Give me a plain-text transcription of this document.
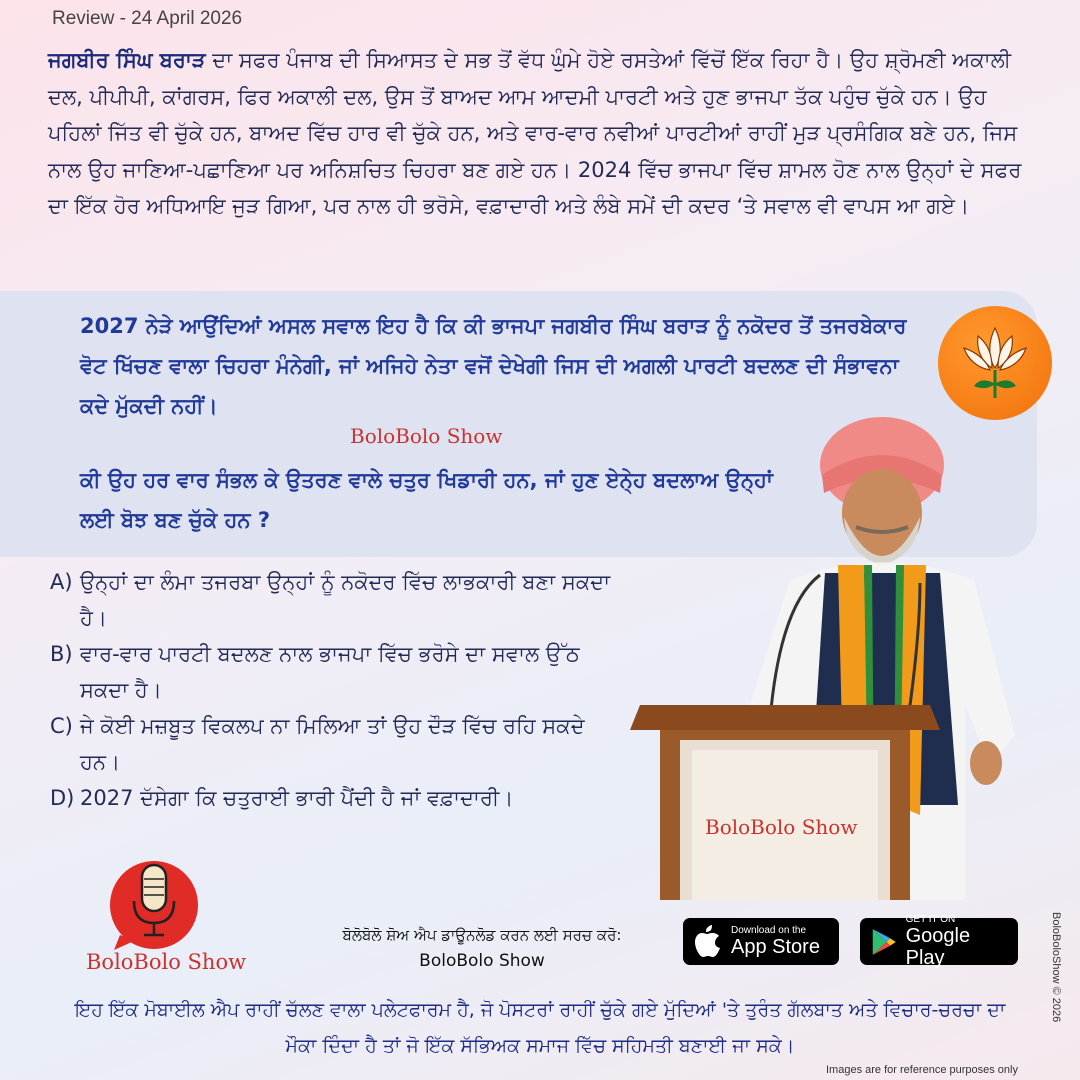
Review - 24 April 2026
ਜਗਬੀਰ ਸਿੰਘ ਬਰਾੜ ਦਾ ਸਫਰ ਪੰਜਾਬ ਦੀ ਸਿਆਸਤ ਦੇ ਸਭ ਤੋਂ ਵੱਧ ਘੁੰਮੇ ਹੋਏ ਰਸਤੇਆਂ ਵਿੱਚੋਂ ਇੱਕ ਰਿਹਾ ਹੈ। ਉਹ ਸ਼੍ਰੋਮਣੀ ਅਕਾਲੀ ਦਲ, ਪੀਪੀਪੀ, ਕਾਂਗਰਸ, ਫਿਰ ਅਕਾਲੀ ਦਲ, ਉਸ ਤੋਂ ਬਾਅਦ ਆਮ ਆਦਮੀ ਪਾਰਟੀ ਅਤੇ ਹੁਣ ਭਾਜਪਾ ਤੱਕ ਪਹੁੰਚ ਚੁੱਕੇ ਹਨ। ਉਹ ਪਹਿਲਾਂ ਜਿੱਤ ਵੀ ਚੁੱਕੇ ਹਨ, ਬਾਅਦ ਵਿੱਚ ਹਾਰ ਵੀ ਚੁੱਕੇ ਹਨ, ਅਤੇ ਵਾਰ-ਵਾਰ ਨਵੀਆਂ ਪਾਰਟੀਆਂ ਰਾਹੀਂ ਮੁੜ ਪ੍ਰਸੰਗਿਕ ਬਣੇ ਹਨ, ਜਿਸ ਨਾਲ ਉਹ ਜਾਣਿਆ-ਪਛਾਣਿਆ ਪਰ ਅਨਿਸ਼ਚਿਤ ਚਿਹਰਾ ਬਣ ਗਏ ਹਨ। 2024 ਵਿੱਚ ਭਾਜਪਾ ਵਿੱਚ ਸ਼ਾਮਲ ਹੋਣ ਨਾਲ ਉਨ੍ਹਾਂ ਦੇ ਸਫਰ ਦਾ ਇੱਕ ਹੋਰ ਅਧਿਆਇ ਜੁੜ ਗਿਆ, ਪਰ ਨਾਲ ਹੀ ਭਰੋਸੇ, ਵਫ਼ਾਦਾਰੀ ਅਤੇ ਲੰਬੇ ਸਮੇਂ ਦੀ ਕਦਰ ‘ਤੇ ਸਵਾਲ ਵੀ ਵਾਪਸ ਆ ਗਏ।
2027 ਨੇੜੇ ਆਉਂਦਿਆਂ ਅਸਲ ਸਵਾਲ ਇਹ ਹੈ ਕਿ ਕੀ ਭਾਜਪਾ ਜਗਬੀਰ ਸਿੰਘ ਬਰਾੜ ਨੂੰ ਨਕੋਦਰ ਤੋਂ ਤਜਰਬੇਕਾਰ ਵੋਟ ਖਿੱਚਣ ਵਾਲਾ ਚਿਹਰਾ ਮੰਨੇਗੀ, ਜਾਂ ਅਜਿਹੇ ਨੇਤਾ ਵਜੋਂ ਦੇਖੇਗੀ ਜਿਸ ਦੀ ਅਗਲੀ ਪਾਰਟੀ ਬਦਲਣ ਦੀ ਸੰਭਾਵਨਾ ਕਦੇ ਮੁੱਕਦੀ ਨਹੀਂ।
BoloBolo Show
ਕੀ ਉਹ ਹਰ ਵਾਰ ਸੰਭਲ ਕੇ ਉਤਰਣ ਵਾਲੇ ਚਤੁਰ ਖਿਡਾਰੀ ਹਨ, ਜਾਂ ਹੁਣ ਏਨੇ੍ਹ ਬਦਲਾਅ ਉਨ੍ਹਾਂ ਲਈ ਬੋਝ ਬਣ ਚੁੱਕੇ ਹਨ ?
A) ਉਨ੍ਹਾਂ ਦਾ ਲੰਮਾ ਤਜਰਬਾ ਉਨ੍ਹਾਂ ਨੂੰ ਨਕੋਦਰ ਵਿੱਚ ਲਾਭਕਾਰੀ ਬਣਾ ਸਕਦਾ ਹੈ।
B) ਵਾਰ-ਵਾਰ ਪਾਰਟੀ ਬਦਲਣ ਨਾਲ ਭਾਜਪਾ ਵਿੱਚ ਭਰੋਸੇ ਦਾ ਸਵਾਲ ਉੱਠ ਸਕਦਾ ਹੈ।
C) ਜੇ ਕੋਈ ਮਜ਼ਬੂਤ ਵਿਕਲਪ ਨਾ ਮਿਲਿਆ ਤਾਂ ਉਹ ਦੌੜ ਵਿੱਚ ਰਹਿ ਸਕਦੇ ਹਨ।
D) 2027 ਦੱਸੇਗਾ ਕਿ ਚਤੁਰਾਈ ਭਾਰੀ ਪੈਂਦੀ ਹੈ ਜਾਂ ਵਫ਼ਾਦਾਰੀ।
BoloBolo Show
BoloBolo Show
ਬੋਲੋਬੋਲੋ ਸ਼ੋਅ ਐਪ ਡਾਊਨਲੋਡ ਕਰਨ ਲਈ ਸਰਚ ਕਰੋ:
BoloBolo Show
Download on the
App Store
GET IT ON
Google Play
ਇਹ ਇੱਕ ਮੋਬਾਈਲ ਐਪ ਰਾਹੀਂ ਚੱਲਣ ਵਾਲਾ ਪਲੇਟਫਾਰਮ ਹੈ, ਜੋ ਪੋਸਟਰਾਂ ਰਾਹੀਂ ਚੁੱਕੇ ਗਏ ਮੁੱਦਿਆਂ 'ਤੇ ਤੁਰੰਤ ਗੱਲਬਾਤ ਅਤੇ ਵਿਚਾਰ-ਚਰਚਾ ਦਾ ਮੌਕਾ ਦਿੰਦਾ ਹੈ ਤਾਂ ਜੋ ਇੱਕ ਸੱਭਿਅਕ ਸਮਾਜ ਵਿੱਚ ਸਹਿਮਤੀ ਬਣਾਈ ਜਾ ਸਕੇ।
BoloBoloShow © 2026
Images are for reference purposes only
